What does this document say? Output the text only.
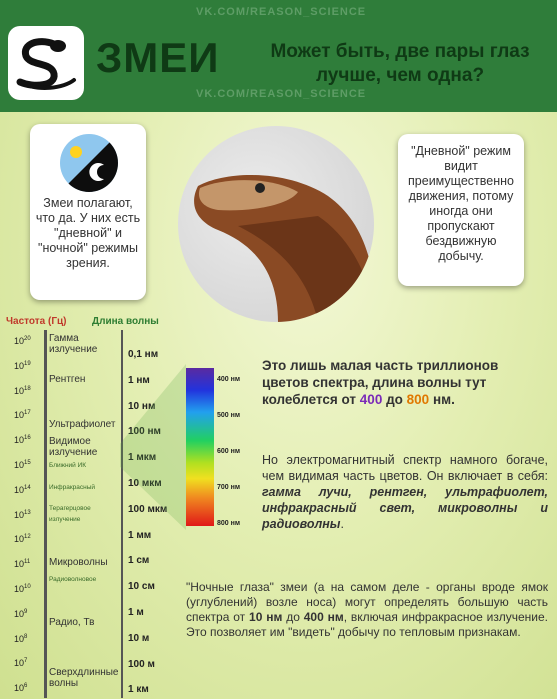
VK.COM/REASON_SCIENCE
VK.COM/REASON_SCIENCE
ЗМЕИ	Может быть, две пары глаз лучше, чем одна?
Змеи полагают, что да. У них есть "дневной" и "ночной" режимы зрения.
"Дневной" режим видит преимущественно движения, потому иногда они пропускают бездвижную добычу.
Частота (Гц)	Длина волны
$10^{20}$
$10^{19}$
$10^{18}$
$10^{17}$
$10^{16}$
$10^{15}$
$10^{14}$
$10^{13}$
$10^{12}$
$10^{11}$
$10^{10}$
$10^9$
$10^8$
$10^7$
$10^6$
0,1 нм
1 нм
10 нм
100 нм
1 мкм
10 мкм
100 мкм
1 мм
1 см
10 см
1 м
10 м
100 м
1 км
Гамма излучение
Рентген
Ультрафиолет
Видимое излучение
Ближний ИК
Инфракрасный
Терагерцовое излучение
Микроволны
Радиоволновое
Радио, Тв
Сверхдлинные волны
400 нм
500 нм
600 нм
700 нм
800 нм
Это лишь малая часть триллионов цветов спектра, длина волны тут колеблется от 400 до 800 нм.
Но электромагнитный спектр намного богаче, чем видимая часть цветов. Он включает в себя: гамма лучи, рентген, ультрафиолет, инфракрасный свет, микроволны и радиоволны.
"Ночные глаза" змеи (а на самом деле - органы вроде ямок (углублений) возле носа) могут определять большую часть спектра от 10 нм до 400 нм, включая инфракрасное излучение. Это позволяет им "видеть" добычу по тепловым признакам.
